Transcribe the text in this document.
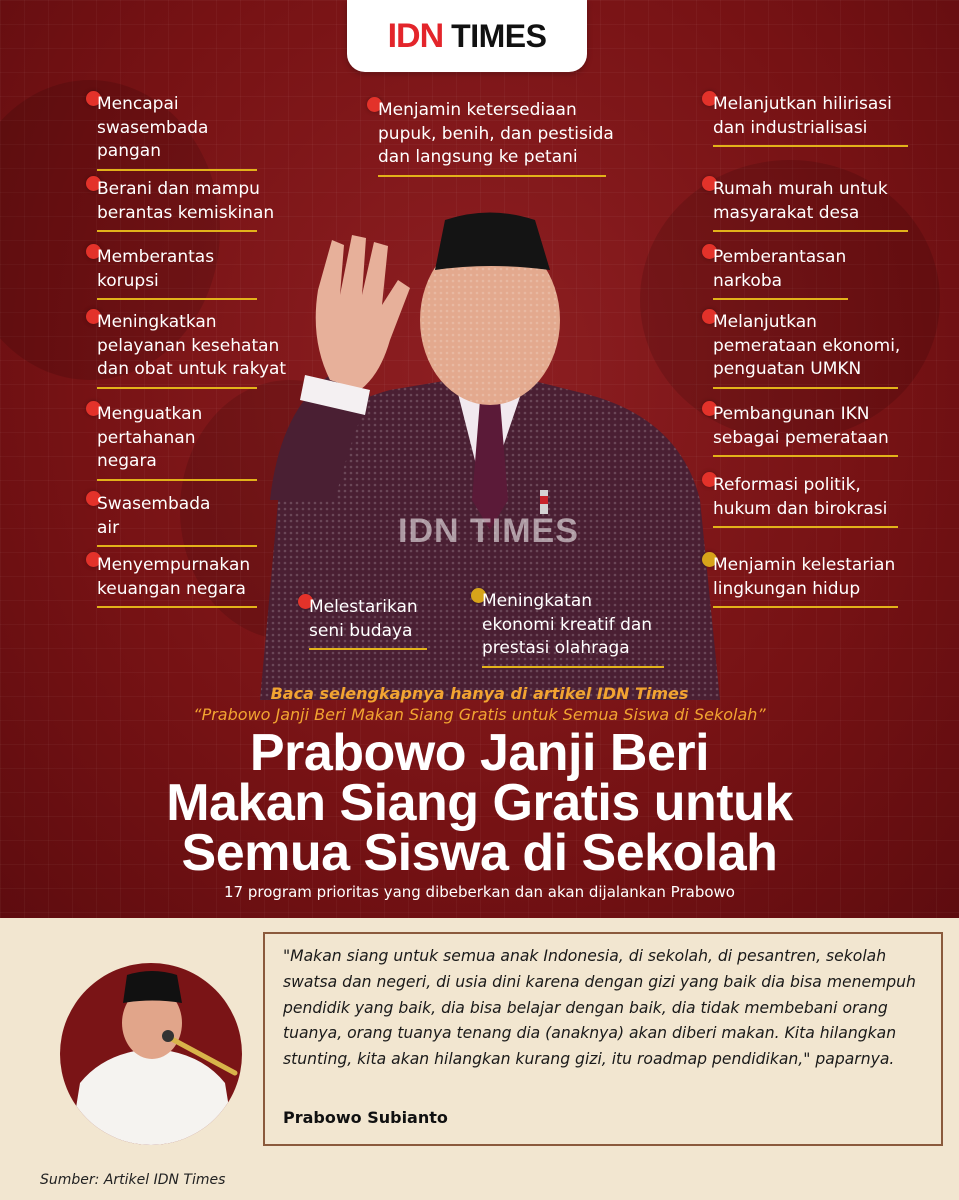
IDN TIMES
IDN TIMES
Mencapai
swasembada
pangan
Berani dan mampu
berantas kemiskinan
Memberantas
korupsi
Meningkatkan
pelayanan kesehatan
dan obat untuk rakyat
Menguatkan
pertahanan
negara
Swasembada
air
Menyempurnakan
keuangan negara
Menjamin ketersediaan
pupuk, benih, dan pestisida
dan langsung ke petani
Melestarikan
seni budaya
Meningkatan
ekonomi kreatif dan
prestasi olahraga
Melanjutkan hilirisasi
dan industrialisasi
Rumah murah untuk
masyarakat desa
Pemberantasan
narkoba
Melanjutkan
pemerataan ekonomi,
penguatan UMKN
Pembangunan IKN
sebagai pemerataan
Reformasi politik,
hukum dan birokrasi
Menjamin kelestarian
lingkungan hidup
Baca selengkapnya hanya di artikel IDN Times
“Prabowo Janji Beri Makan Siang Gratis untuk Semua Siswa di Sekolah”
Prabowo Janji Beri
Makan Siang Gratis untuk
Semua Siswa di Sekolah
17 program prioritas yang dibeberkan dan akan dijalankan Prabowo
"Makan siang untuk semua anak Indonesia, di sekolah, di pesantren, sekolah swatsa dan negeri, di usia dini karena dengan gizi yang baik dia bisa menempuh pendidik yang baik, dia bisa belajar dengan baik, dia tidak membebani orang tuanya, orang tuanya tenang dia (anaknya) akan diberi makan. Kita hilangkan stunting, kita akan hilangkan kurang gizi, itu roadmap pendidikan," paparnya.
Prabowo Subianto
Sumber: Artikel IDN Times
